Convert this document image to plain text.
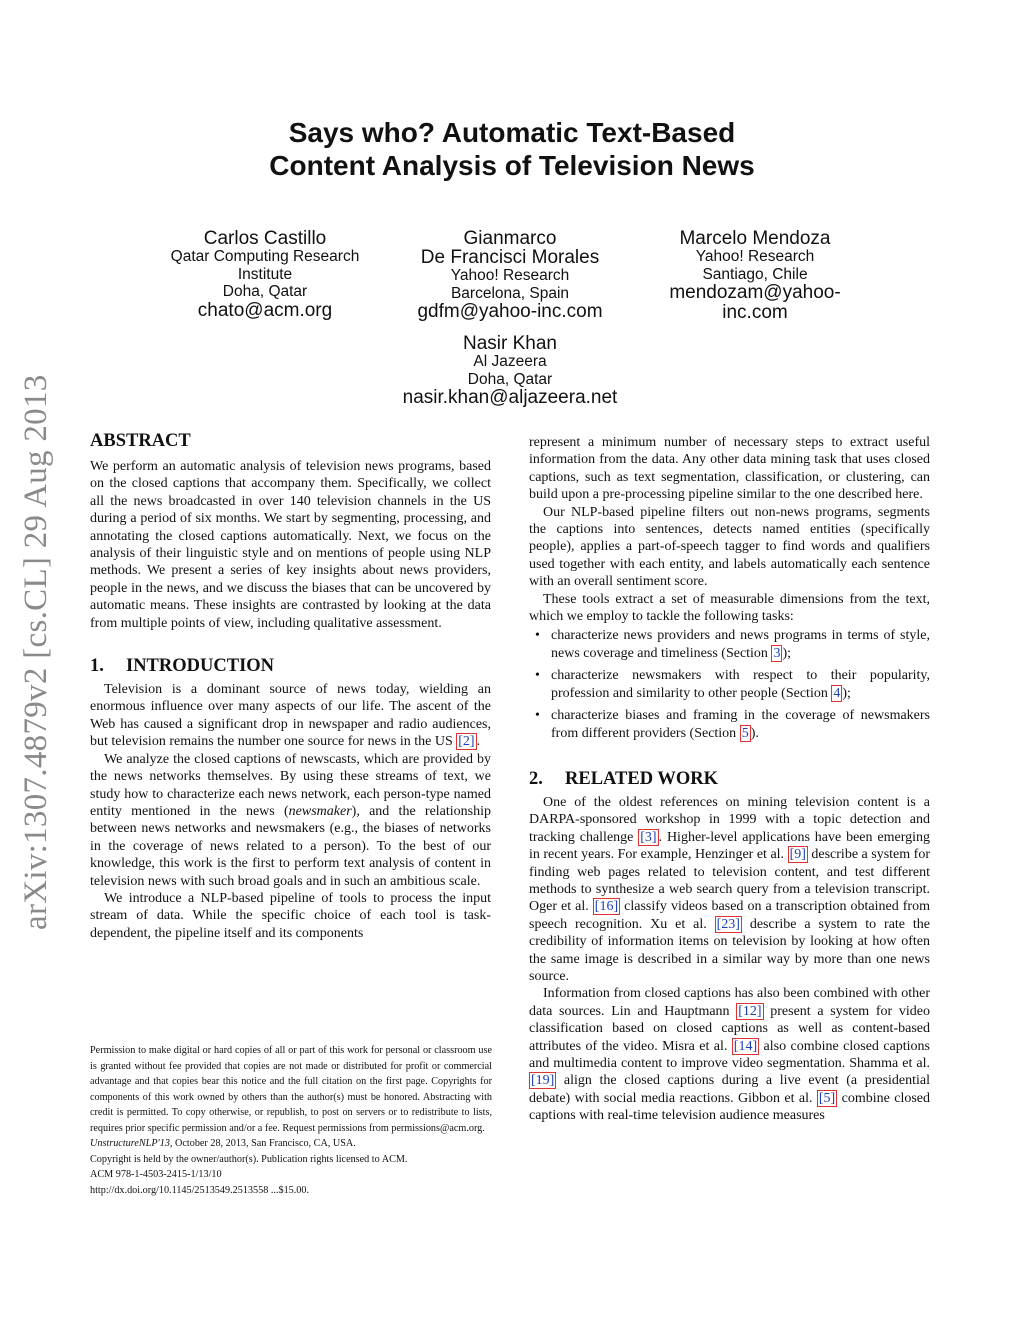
Says who? Automatic Text-Based
Content Analysis of Television News
Carlos Castillo
Qatar Computing Research
Institute
Doha, Qatar
chato@acm.org
Gianmarco
De Francisci Morales
Yahoo! Research
Barcelona, Spain
gdfm@yahoo-inc.com
Marcelo Mendoza
Yahoo! Research
Santiago, Chile
mendozam@yahoo-
inc.com
Nasir Khan
Al Jazeera
Doha, Qatar
nasir.khan@aljazeera.net
arXiv:1307.4879v2 [cs.CL] 29 Aug 2013 ABSTRACT

We perform an automatic analysis of television news programs, based on the closed captions that accompany them. Specifically, we collect all the news broadcasted in over 140 television channels in the US during a period of six months. We start by segmenting, processing, and annotating the closed captions automatically. Next, we focus on the analysis of their linguistic style and on mentions of people using NLP methods. We present a series of key insights about news providers, people in the news, and we discuss the biases that can be uncovered by automatic means. These insights are contrasted by looking at the data from multiple points of view, including qualitative assessment.

1. INTRODUCTION

Television is a dominant source of news today, wielding an enormous influence over many aspects of our life. The ascent of the Web has caused a significant drop in newspaper and radio audiences, but television remains the number one source for news in the US [2] .

We analyze the closed captions of newscasts, which are provided by the news networks themselves. By using these streams of text, we study how to characterize each news network, each person-type named entity mentioned in the news (newsmaker), and the relationship between news networks and newsmakers (e.g., the biases of networks in the coverage of news related to a person). To the best of our knowledge, this work is the first to perform text analysis of content in television news with such broad goals and in such an ambitious scale.

We introduce a NLP-based pipeline of tools to process the input stream of data. While the specific choice of each tool is task-dependent, the pipeline itself and its components

Permission to make digital or hard copies of all or part of this work for personal or classroom use is granted without fee provided that copies are not made or distributed for profit or commercial advantage and that copies bear this notice and the full citation on the first page. Copyrights for components of this work owned by others than the author(s) must be honored. Abstracting with credit is permitted. To copy otherwise, or republish, to post on servers or to redistribute to lists, requires prior specific permission and/or a fee. Request permissions from permissions@acm.org.

UnstructureNLP'13, October 28, 2013, San Francisco, CA, USA.

Copyright is held by the owner/author(s). Publication rights licensed to ACM.

ACM 978-1-4503-2415-1/13/10

http://dx.doi.org/10.1145/2513549.2513558 ...$15.00.

represent a minimum number of necessary steps to extract useful information from the data. Any other data mining task that uses closed captions, such as text segmentation, classification, or clustering, can build upon a pre-processing pipeline similar to the one described here.

Our NLP-based pipeline filters out non-news programs, segments the captions into sentences, detects named entities (specifically people), applies a part-of-speech tagger to find words and qualifiers used together with each entity, and labels automatically each sentence with an overall sentiment score.

These tools extract a set of measurable dimensions from the text, which we employ to tackle the following tasks:

• characterize news providers and news programs in terms of style, news coverage and timeliness (Section 3 );
• characterize newsmakers with respect to their popularity, profession and similarity to other people (Section 4 );
• characterize biases and framing in the coverage of newsmakers from different providers (Section 5 ).
2. RELATED WORK

One of the oldest references on mining television content is a DARPA-sponsored workshop in 1999 with a topic detection and tracking challenge [3] . Higher-level applications have been emerging in recent years. For example, Henzinger et al. [9] describe a system for finding web pages related to television content, and test different methods to synthesize a web search query from a television transcript. Oger et al. [16] classify videos based on a transcription obtained from speech recognition. Xu et al. [23] describe a system to rate the credibility of information items on television by looking at how often the same image is described in a similar way by more than one news source.

Information from closed captions has also been combined with other data sources. Lin and Hauptmann [12] present a system for video classification based on closed captions as well as content-based attributes of the video. Misra et al. [14] also combine closed captions and multimedia content to improve video segmentation. Shamma et al. [19] align the closed captions during a live event (a presidential debate) with social media reactions. Gibbon et al. [5] combine closed captions with real-time television audience measures
